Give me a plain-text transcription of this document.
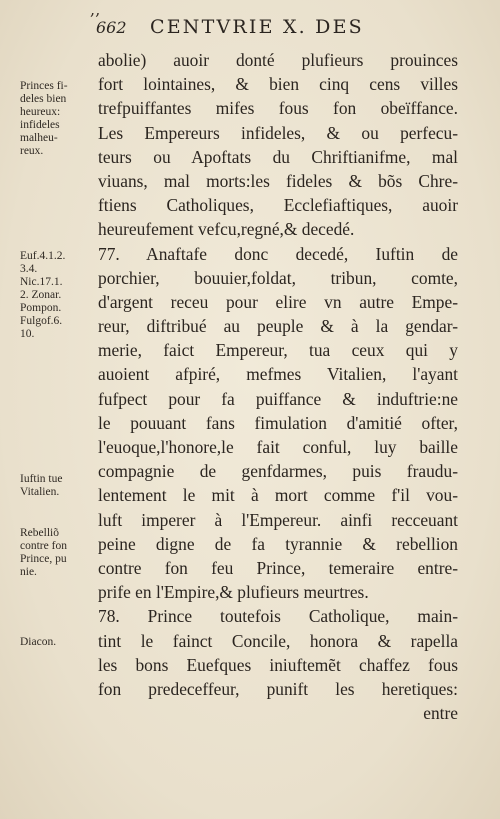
,‚
662 CENTVRIE X. DES
Princes fi-
deles bien
heureux:
infideles
malheu-
reux.
Euf.4.1.2.
3.4.
Nic.17.1.
2. Zonar.
Pompon.
Fulgof.6.
10.
Iuftin tue
Vitalien.
Rebelliõ
contre fon
Prince, pu
nie.
Diacon.
abolie) auoir donté plufieurs prouinces
fort lointaines, & bien cinq cens villes
trefpuiffantes mifes fous fon obeïffance.
Les Empereurs infideles, & ou perfecu-
teurs ou Apoftats du Chriftianifme, mal
viuans, mal morts:les fideles & bõs Chre-
ftiens Catholiques, Ecclefiaftiques, auoir
heureufement vefcu,regné,& decedé.
77. Anaftafe donc decedé, Iuftin de
porchier, bouuier,foldat, tribun, comte,
d'argent receu pour elire vn autre Empe-
reur, diftribué au peuple & à la gendar-
merie, faict Empereur, tua ceux qui y
auoient afpiré, mefmes Vitalien, l'ayant
fufpect pour fa puiffance & induftrie:ne
le pouuant fans fimulation d'amitié ofter,
l'euoque,l'honore,le fait conful, luy baille
compagnie de genfdarmes, puis fraudu-
lentement le mit à mort comme f'il vou-
luft imperer à l'Empereur. ainfi recceuant
peine digne de fa tyrannie & rebellion
contre fon feu Prince, temeraire entre-
prife en l'Empire,& plufieurs meurtres.
78. Prince toutefois Catholique, main-
tint le fainct Concile, honora & rapella
les bons Euefques iniuftemẽt chaffez fous
fon predeceffeur, punift les heretiques:
entre
